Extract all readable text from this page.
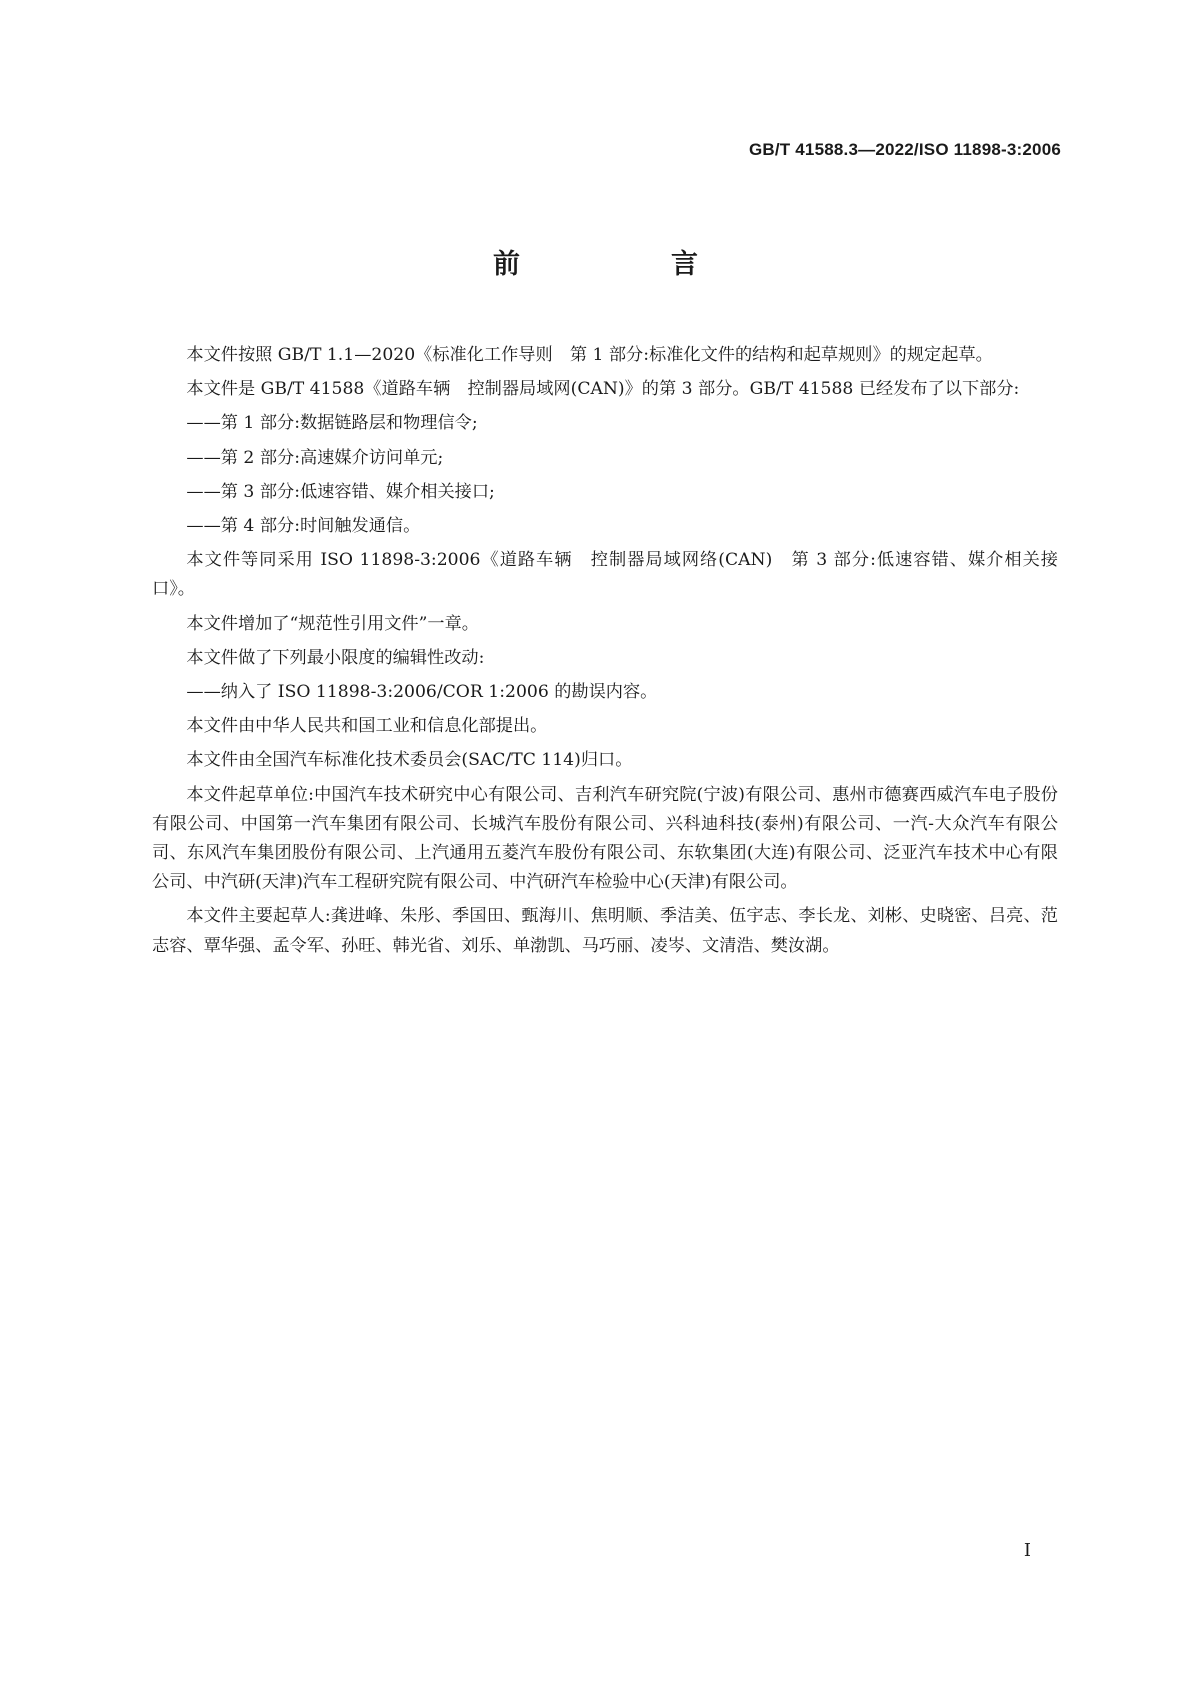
GB/T 41588.3—2022/ISO 11898-3:2006
前　言

本文件按照 GB/T 1.1—2020《标准化工作导则　第 1 部分:标准化文件的结构和起草规则》的规定起草。

本文件是 GB/T 41588《道路车辆　控制器局域网(CAN)》的第 3 部分。GB/T 41588 已经发布了以下部分:

——第 1 部分:数据链路层和物理信令;

——第 2 部分:高速媒介访问单元;

——第 3 部分:低速容错、媒介相关接口;

——第 4 部分:时间触发通信。

本文件等同采用 ISO 11898-3:2006《道路车辆　控制器局域网络(CAN)　第 3 部分:低速容错、媒介相关接口》。

本文件增加了“规范性引用文件”一章。

本文件做了下列最小限度的编辑性改动:

——纳入了 ISO 11898-3:2006/COR 1:2006 的勘误内容。

本文件由中华人民共和国工业和信息化部提出。

本文件由全国汽车标准化技术委员会(SAC/TC 114)归口。

本文件起草单位:中国汽车技术研究中心有限公司、吉利汽车研究院(宁波)有限公司、惠州市德赛西威汽车电子股份有限公司、中国第一汽车集团有限公司、长城汽车股份有限公司、兴科迪科技(泰州)有限公司、一汽-大众汽车有限公司、东风汽车集团股份有限公司、上汽通用五菱汽车股份有限公司、东软集团(大连)有限公司、泛亚汽车技术中心有限公司、中汽研(天津)汽车工程研究院有限公司、中汽研汽车检验中心(天津)有限公司。

本文件主要起草人:龚进峰、朱彤、季国田、甄海川、焦明顺、季洁美、伍宇志、李长龙、刘彬、史晓密、吕亮、范志容、覃华强、孟令军、孙旺、韩光省、刘乐、单渤凯、马巧丽、凌岑、文清浩、樊汝湖。

I
